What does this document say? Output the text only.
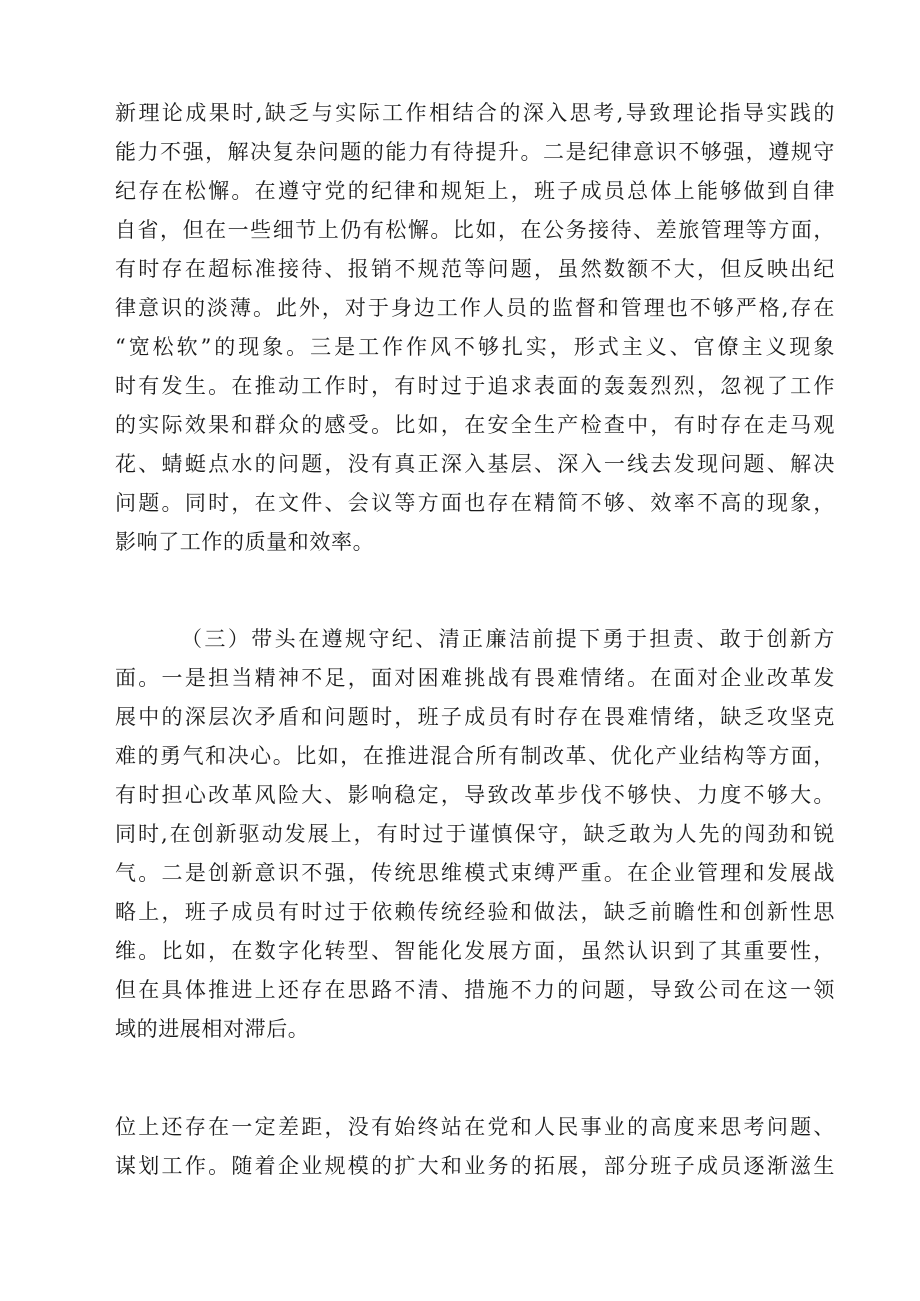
新理论成果时,缺乏与实际工作相结合的深入思考,导致理论指导实践的
能力不强，解决复杂问题的能力有待提升。二是纪律意识不够强，遵规守
纪存在松懈。在遵守党的纪律和规矩上，班子成员总体上能够做到自律
自省，但在一些细节上仍有松懈。比如，在公务接待、差旅管理等方面，
有时存在超标准接待、报销不规范等问题，虽然数额不大，但反映出纪
律意识的淡薄。此外，对于身边工作人员的监督和管理也不够严格,存在
“宽松软”的现象。三是工作作风不够扎实，形式主义、官僚主义现象
时有发生。在推动工作时，有时过于追求表面的轰轰烈烈，忽视了工作
的实际效果和群众的感受。比如，在安全生产检查中，有时存在走马观
花、蜻蜓点水的问题，没有真正深入基层、深入一线去发现问题、解决
问题。同时，在文件、会议等方面也存在精简不够、效率不高的现象，
影响了工作的质量和效率。
（三）带头在遵规守纪、清正廉洁前提下勇于担责、敢于创新方
面。一是担当精神不足，面对困难挑战有畏难情绪。在面对企业改革发
展中的深层次矛盾和问题时，班子成员有时存在畏难情绪，缺乏攻坚克
难的勇气和决心。比如，在推进混合所有制改革、优化产业结构等方面，
有时担心改革风险大、影响稳定，导致改革步伐不够快、力度不够大。
同时,在创新驱动发展上，有时过于谨慎保守，缺乏敢为人先的闯劲和锐
气。二是创新意识不强，传统思维模式束缚严重。在企业管理和发展战
略上，班子成员有时过于依赖传统经验和做法，缺乏前瞻性和创新性思
维。比如，在数字化转型、智能化发展方面，虽然认识到了其重要性，
但在具体推进上还存在思路不清、措施不力的问题，导致公司在这一领
域的进展相对滞后。
位上还存在一定差距，没有始终站在党和人民事业的高度来思考问题、
谋划工作。随着企业规模的扩大和业务的拓展，部分班子成员逐渐滋生
